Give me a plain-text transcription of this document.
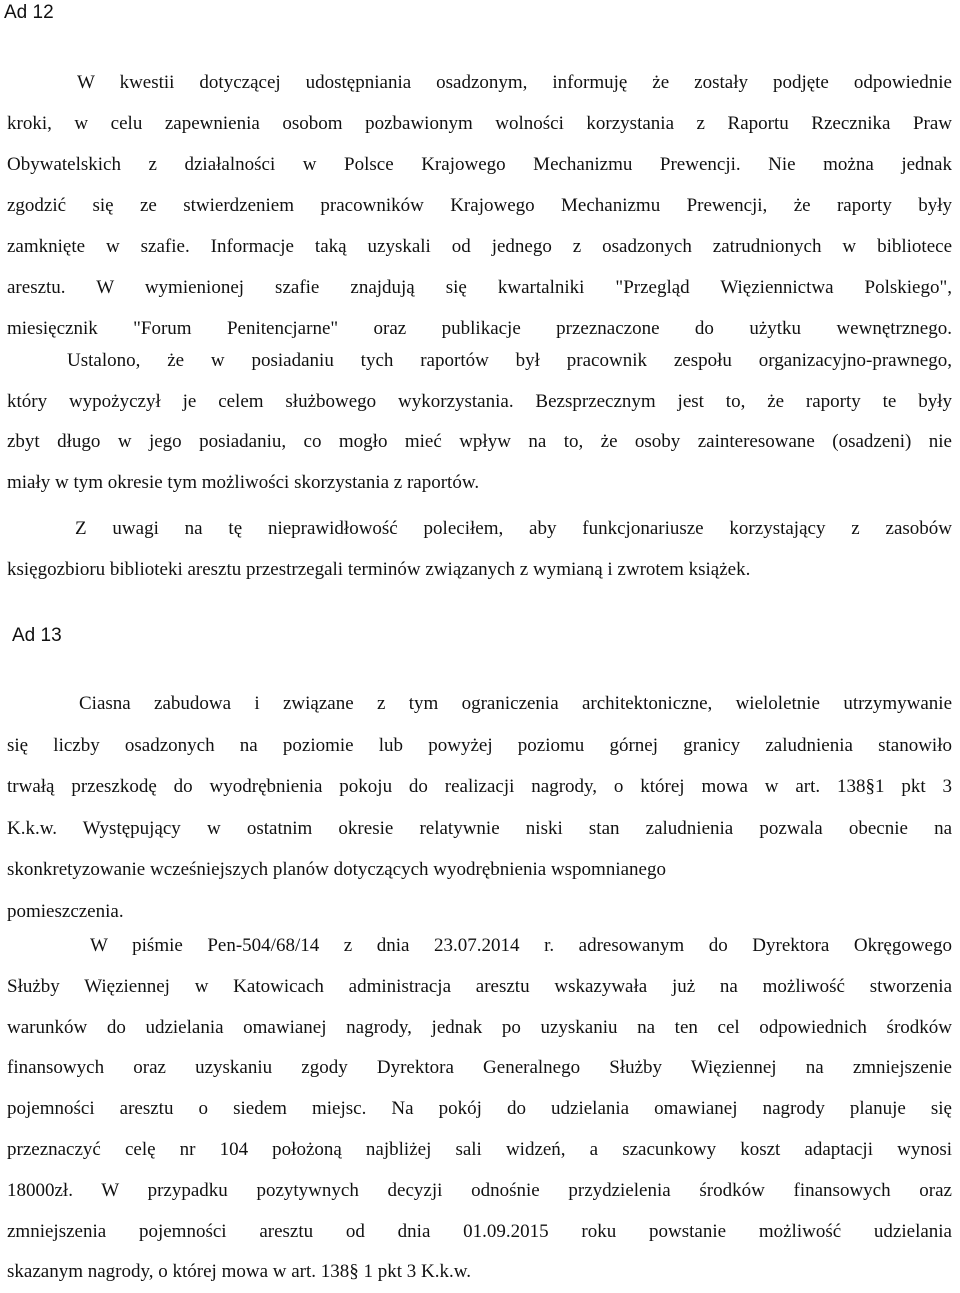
Ad 12

W kwestii dotyczącej udostępniania osadzonym, informuję że zostały podjęte odpowiednie
kroki, w celu zapewnienia osobom pozbawionym wolności korzystania z Raportu Rzecznika Praw
Obywatelskich z działalności w Polsce Krajowego Mechanizmu Prewencji. Nie można jednak
zgodzić się ze stwierdzeniem pracowników Krajowego Mechanizmu Prewencji, że raporty były
zamknięte w szafie. Informacje taką uzyskali od jednego z osadzonych zatrudnionych w bibliotece
aresztu. W wymienionej szafie znajdują się kwartalniki "Przegląd Więziennictwa Polskiego",
miesięcznik "Forum Penitencjarne" oraz publikacje przeznaczone do użytku wewnętrznego.

Ustalono, że w posiadaniu tych raportów był pracownik zespołu organizacyjno-prawnego,
który wypożyczył je celem służbowego wykorzystania. Bezsprzecznym jest to, że raporty te były
zbyt długo w jego posiadaniu, co mogło mieć wpływ na to, że osoby zainteresowane (osadzeni) nie
miały w tym okresie tym możliwości skorzystania z raportów.

Z uwagi na tę nieprawidłowość poleciłem, aby funkcjonariusze korzystający z zasobów
księgozbioru biblioteki aresztu przestrzegali terminów związanych z wymianą i zwrotem książek.

Ad 13

Ciasna zabudowa i związane z tym ograniczenia architektoniczne, wieloletnie utrzymywanie
się liczby osadzonych na poziomie lub powyżej poziomu górnej granicy zaludnienia stanowiło
trwałą przeszkodę do wyodrębnienia pokoju do realizacji nagrody, o której mowa w art. 138§1 pkt 3
K.k.w. Występujący w ostatnim okresie relatywnie niski stan zaludnienia pozwala obecnie na
skonkretyzowanie wcześniejszych planów dotyczących wyodrębnienia wspomnianego
pomieszczenia.

W piśmie Pen-504/68/14 z dnia 23.07.2014 r. adresowanym do Dyrektora Okręgowego
Służby Więziennej w Katowicach administracja aresztu wskazywała już na możliwość stworzenia
warunków do udzielania omawianej nagrody, jednak po uzyskaniu na ten cel odpowiednich środków
finansowych oraz uzyskaniu zgody Dyrektora Generalnego Służby Więziennej na zmniejszenie
pojemności aresztu o siedem miejsc. Na pokój do udzielania omawianej nagrody planuje się
przeznaczyć celę nr 104 położoną najbliżej sali widzeń, a szacunkowy koszt adaptacji wynosi
18000zł. W przypadku pozytywnych decyzji odnośnie przydzielenia środków finansowych oraz
zmniejszenia pojemności aresztu od dnia 01.09.2015 roku powstanie możliwość udzielania
skazanym nagrody, o której mowa w art. 138§ 1 pkt 3 K.k.w.
